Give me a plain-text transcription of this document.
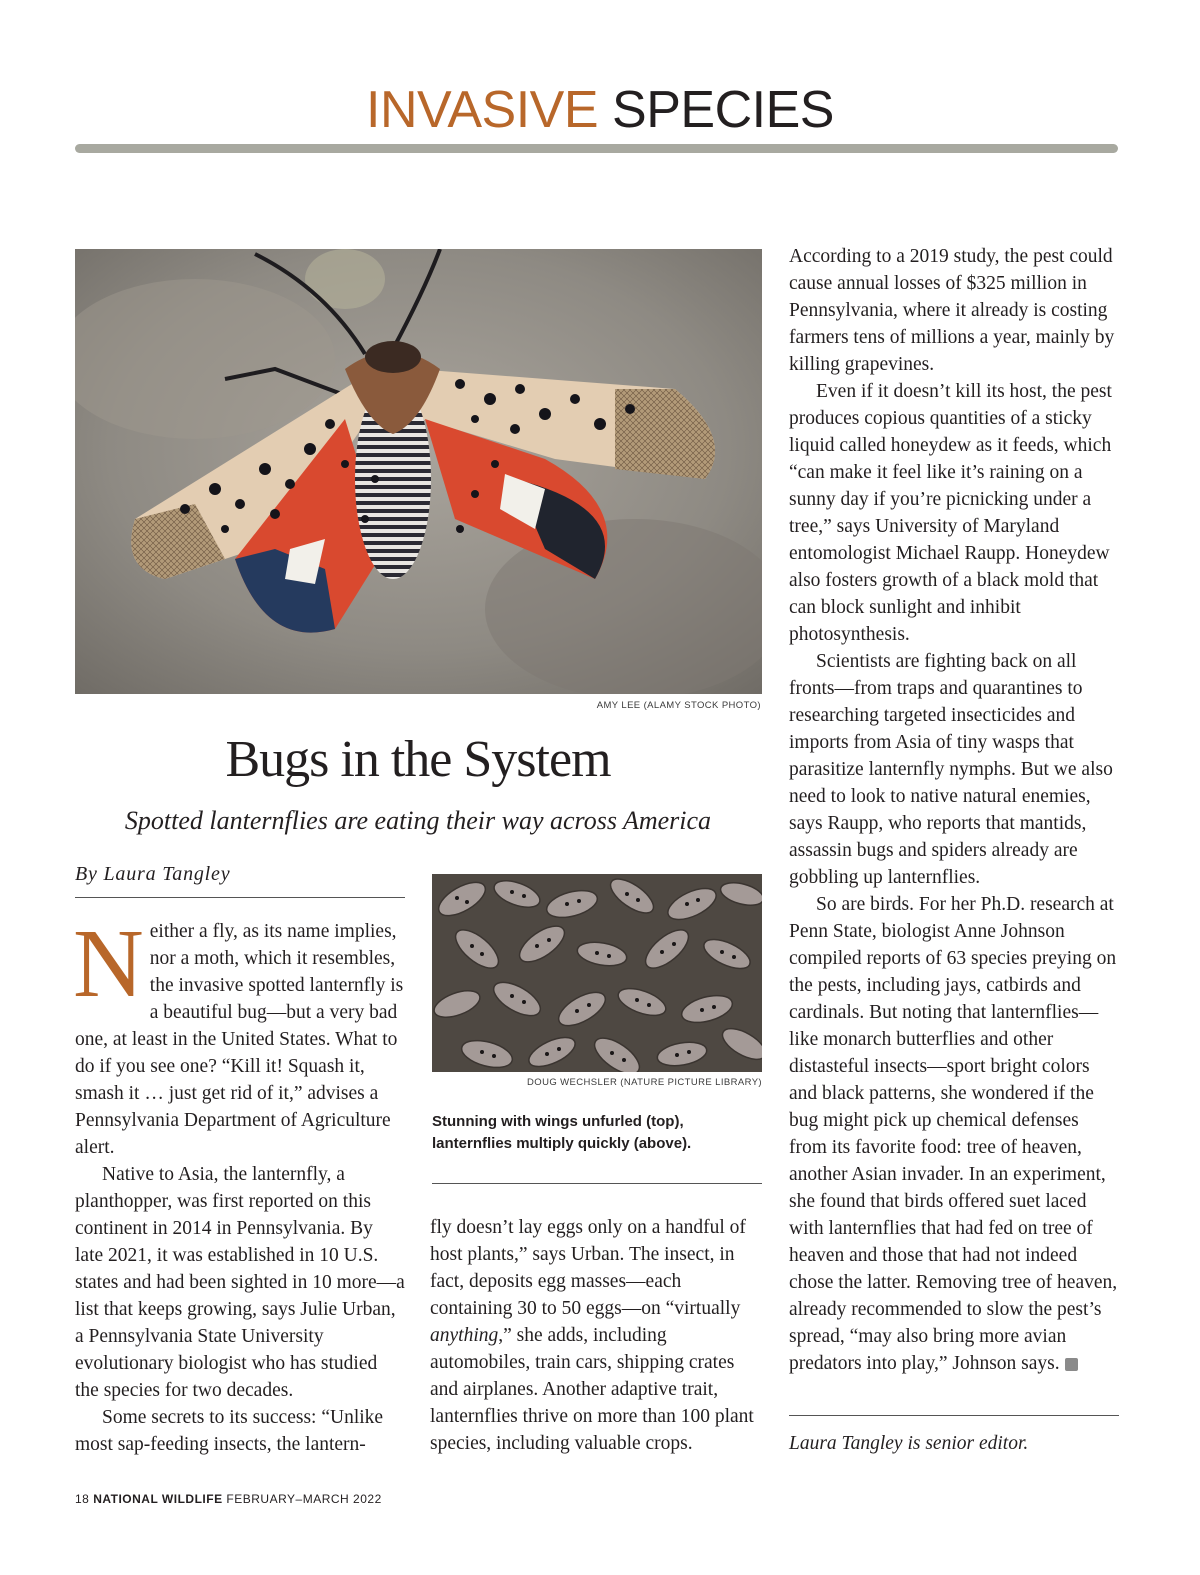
INVASIVE SPECIES
AMY LEE (ALAMY STOCK PHOTO)
Bugs in the System
Spotted lanternflies are eating their way across America
By Laura Tangley

Neither a fly, as its name implies, nor a moth, which it resembles, the invasive spotted lanternfly is a beautiful bug—but a very bad one, at least in the United States. What to do if you see one? “Kill it! Squash it, smash it … just get rid of it,” advises a Pennsylvania Department of Agriculture alert.

Native to Asia, the lanternfly, a planthopper, was first reported on this continent in 2014 in Pennsylvania. By late 2021, it was established in 10 U.S. states and had been sighted in 10 more—a list that keeps growing, says Julie Urban, a Pennsylvania State University evolutionary biologist who has studied the species for two decades.

Some secrets to its success: “Unlike most sap-feeding insects, the lantern-

DOUG WECHSLER (NATURE PICTURE LIBRARY)
Stunning with wings unfurled (top), lanternflies multiply quickly (above).

fly doesn’t lay eggs only on a handful of host plants,” says Urban. The insect, in fact, deposits egg masses—each containing 30 to 50 eggs—on “virtually anything,” she adds, including automobiles, train cars, shipping crates and airplanes. Another adaptive trait, lanternflies thrive on more than 100 plant species, including valuable crops.

According to a 2019 study, the pest could cause annual losses of $325 million in Pennsylvania, where it already is costing farmers tens of millions a year, mainly by killing grapevines.

Even if it doesn’t kill its host, the pest produces copious quantities of a sticky liquid called honeydew as it feeds, which “can make it feel like it’s raining on a sunny day if you’re picnicking under a tree,” says University of Maryland entomologist Michael Raupp. Honeydew also fosters growth of a black mold that can block sunlight and inhibit photosynthesis.

Scientists are fighting back on all fronts—from traps and quarantines to researching targeted insecticides and imports from Asia of tiny wasps that parasitize lanternfly nymphs. But we also need to look to native natural enemies, says Raupp, who reports that mantids, assassin bugs and spiders already are gobbling up lanternflies.

So are birds. For her Ph.D. research at Penn State, biologist Anne Johnson compiled reports of 63 species preying on the pests, including jays, catbirds and cardinals. But noting that lanternflies—like monarch butterflies and other distasteful insects—sport bright colors and black patterns, she wondered if the bug might pick up chemical defenses from its favorite food: tree of heaven, another Asian invader. In an experiment, she found that birds offered suet laced with lanternflies that had fed on tree of heaven and those that had not indeed chose the latter. Removing tree of heaven, already recommended to slow the pest’s spread, “may also bring more avian predators into play,” Johnson says.	W

Laura Tangley is senior editor.
18 NATIONAL WILDLIFE FEBRUARY–MARCH 2022
